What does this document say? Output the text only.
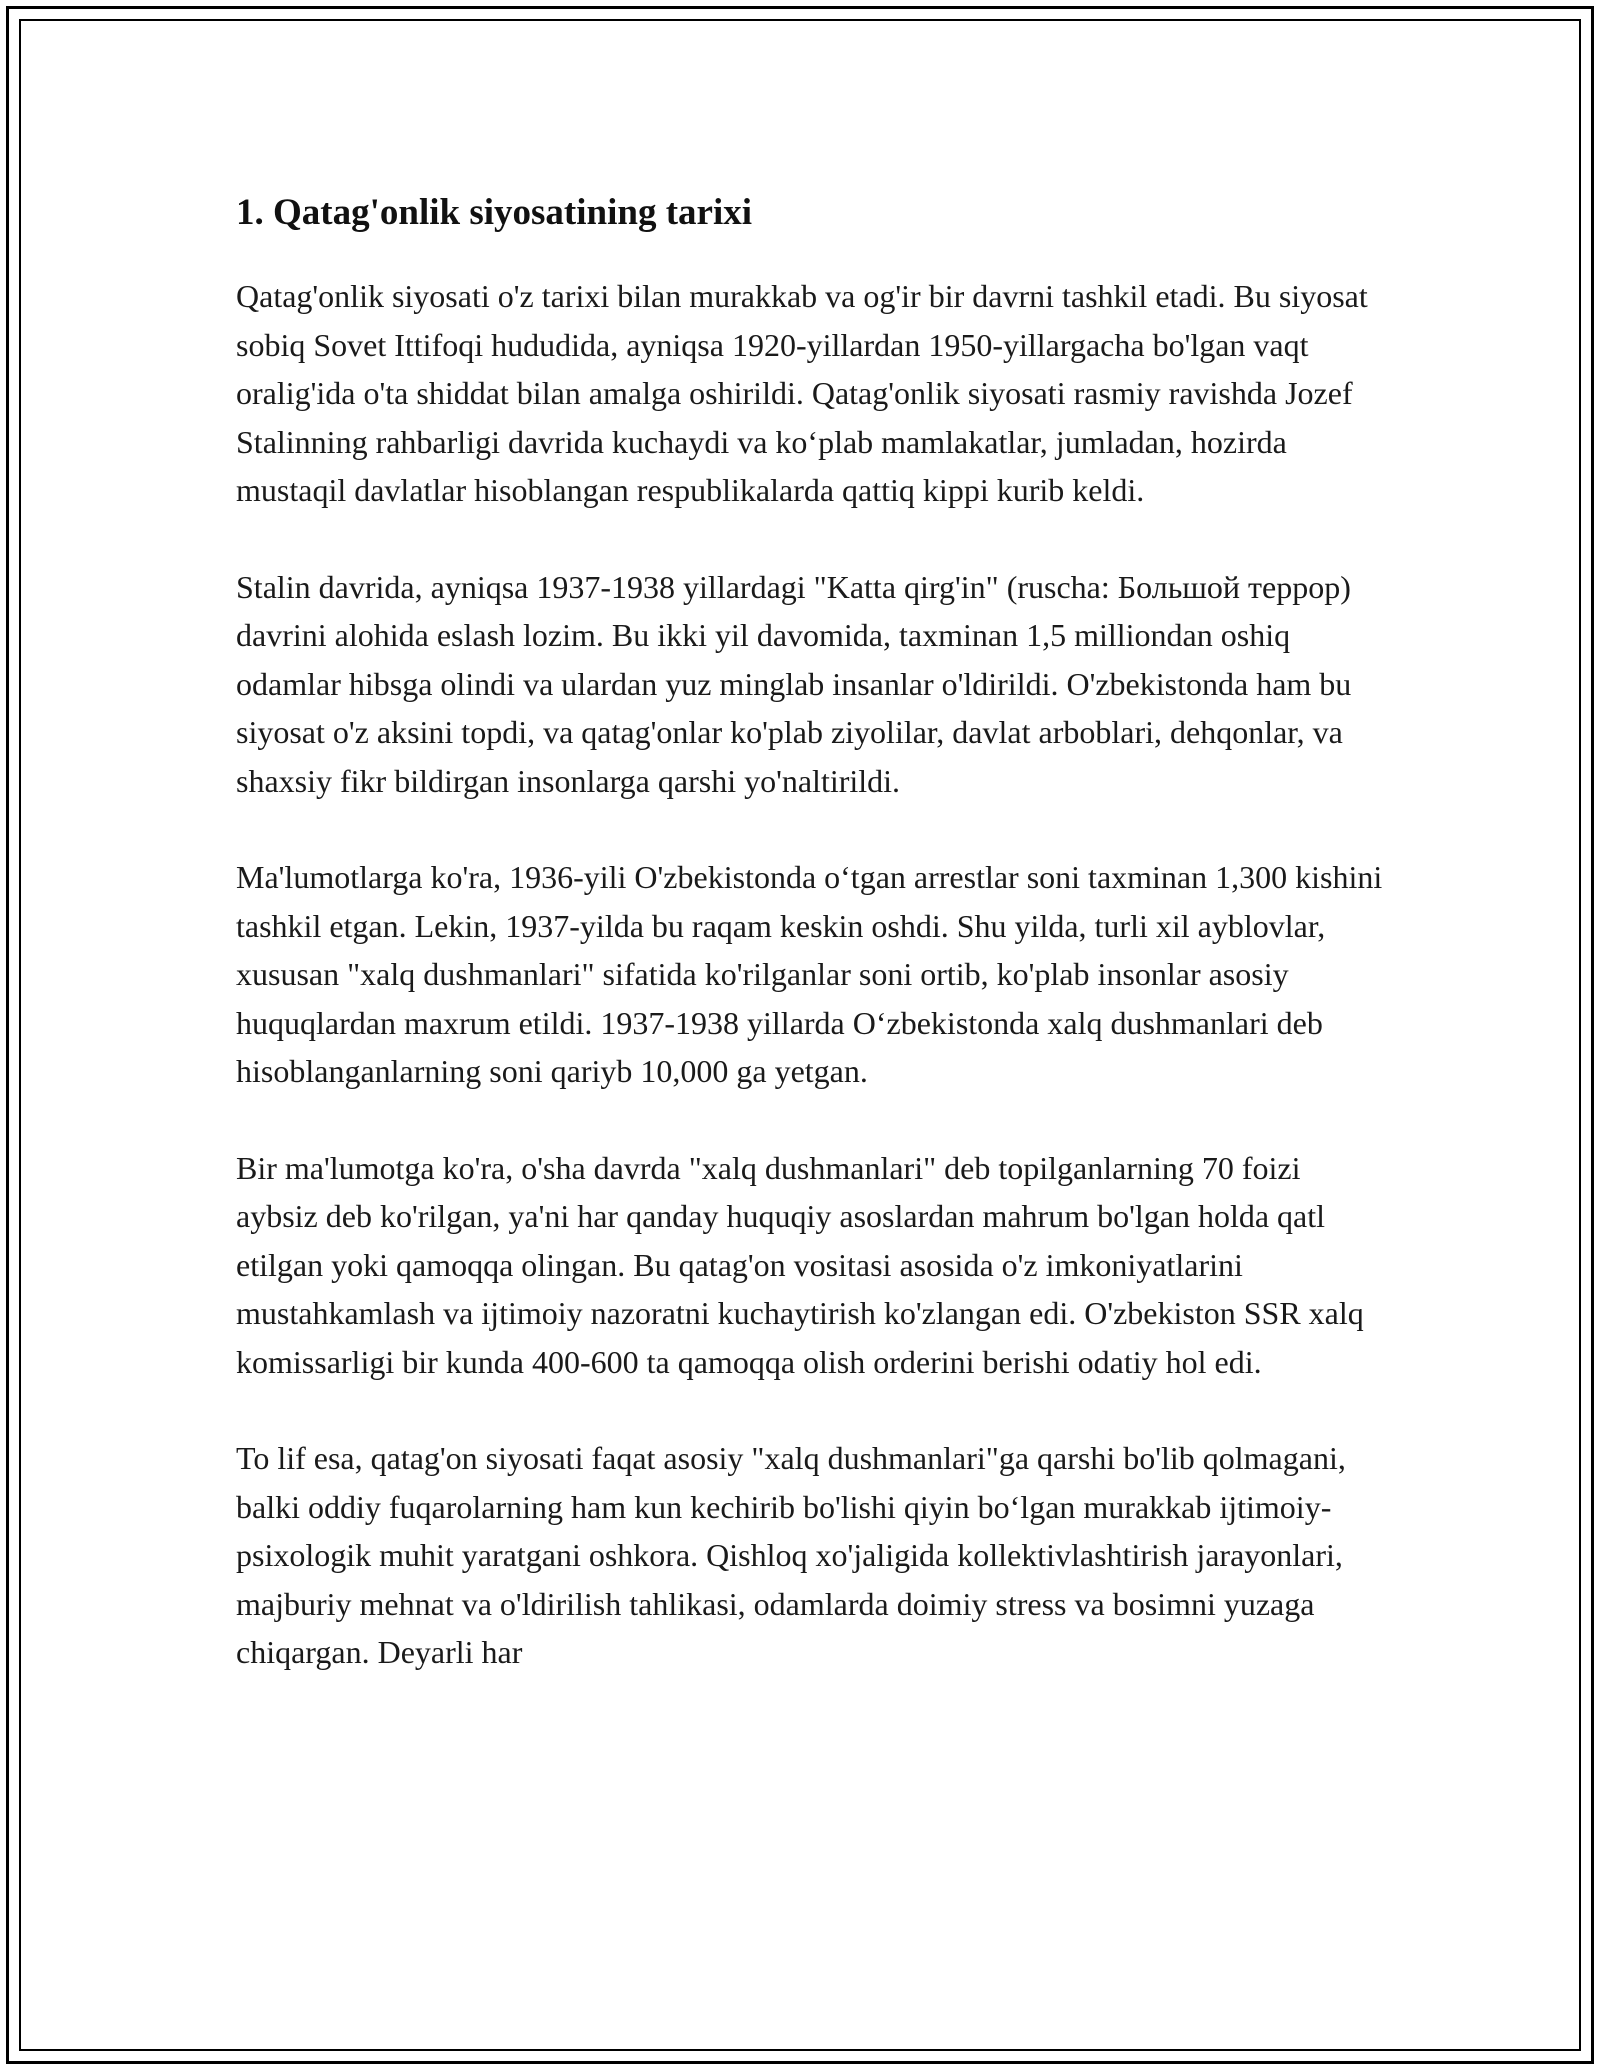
1. Qatag'onlik siyosatining tarixi

Qatag'onlik siyosati o'z tarixi bilan murakkab va og'ir bir davrni tashkil etadi. Bu siyosat sobiq Sovet Ittifoqi hududida, ayniqsa 1920-yillardan 1950-yillargacha bo'lgan vaqt oralig'ida o'ta shiddat bilan amalga oshirildi. Qatag'onlik siyosati rasmiy ravishda Jozef Stalinning rahbarligi davrida kuchaydi va ko‘plab mamlakatlar, jumladan, hozirda mustaqil davlatlar hisoblangan respublikalarda qattiq kippi kurib keldi.

Stalin davrida, ayniqsa 1937-1938 yillardagi "Katta qirg'in" (ruscha: Большой террор) davrini alohida eslash lozim. Bu ikki yil davomida, taxminan 1,5 milliondan oshiq odamlar hibsga olindi va ulardan yuz minglab insanlar o'ldirildi. O'zbekistonda ham bu siyosat o'z aksini topdi, va qatag'onlar ko'plab ziyolilar, davlat arboblari, dehqonlar, va shaxsiy fikr bildirgan insonlarga qarshi yo'naltirildi.

Ma'lumotlarga ko'ra, 1936-yili O'zbekistonda o‘tgan arrestlar soni taxminan 1,300 kishini tashkil etgan. Lekin, 1937-yilda bu raqam keskin oshdi. Shu yilda, turli xil ayblovlar, xususan "xalq dushmanlari" sifatida ko'rilganlar soni ortib, ko'plab insonlar asosiy huquqlardan maxrum etildi. 1937-1938 yillarda O‘zbekistonda xalq dushmanlari deb hisoblanganlarning soni qariyb 10,000 ga yetgan.

Bir ma'lumotga ko'ra, o'sha davrda "xalq dushmanlari" deb topilganlarning 70 foizi aybsiz deb ko'rilgan, ya'ni har qanday huquqiy asoslardan mahrum bo'lgan holda qatl etilgan yoki qamoqqa olingan. Bu qatag'on vositasi asosida o'z imkoniyatlarini mustahkamlash va ijtimoiy nazoratni kuchaytirish ko'zlangan edi. O'zbekiston SSR xalq komissarligi bir kunda 400-600 ta qamoqqa olish orderini berishi odatiy hol edi.

To lif esa, qatag'on siyosati faqat asosiy "xalq dushmanlari"ga qarshi bo'lib qolmagani, balki oddiy fuqarolarning ham kun kechirib bo'lishi qiyin bo‘lgan murakkab ijtimoiy-psixologik muhit yaratgani oshkora. Qishloq xo'jaligida kollektivlashtirish jarayonlari, majburiy mehnat va o'ldirilish tahlikasi, odamlarda doimiy stress va bosimni yuzaga chiqargan. Deyarli har
